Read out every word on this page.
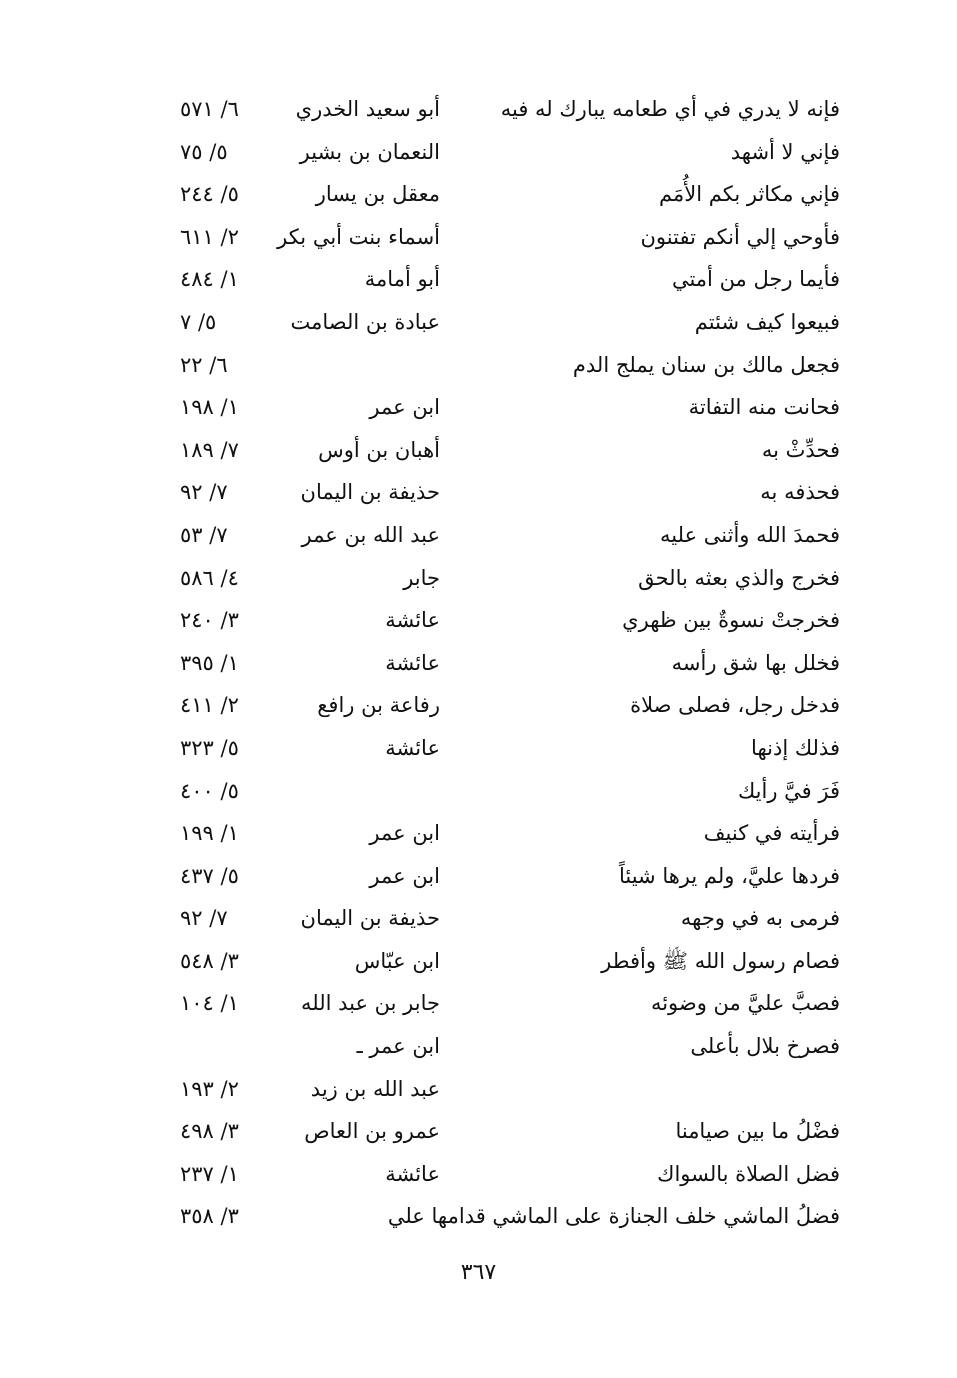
فإنه لا يدري في أي طعامه يبارك له فيه
أبو سعيد الخدري
٦/ ٥٧١
فإني لا أشهد
النعمان بن بشير
٥/ ٧٥
فإني مكاثر بكم الأُمَم
معقل بن يسار
٥/ ٢٤٤
فأوحي إلي أنكم تفتنون
أسماء بنت أبي بكر
٢/ ٦١١
فأيما رجل من أمتي
أبو أمامة
١/ ٤٨٤
فبيعوا كيف شئتم
عبادة بن الصامت
٥/ ٧
فجعل مالك بن سنان يملج الدم
٦/ ٢٢
فحانت منه التفاتة
ابن عمر
١/ ١٩٨
فحدِّثْ به
أهبان بن أوس
٧/ ١٨٩
فحذفه به
حذيفة بن اليمان
٧/ ٩٢
فحمدَ الله وأثنى عليه
عبد الله بن عمر
٧/ ٥٣
فخرج والذي بعثه بالحق
جابر
٤/ ٥٨٦
فخرجتْ نسوةٌ بين ظهري
عائشة
٣/ ٢٤٠
فخلل بها شق رأسه
عائشة
١/ ٣٩٥
فدخل رجل، فصلى صلاة
رفاعة بن رافع
٢/ ٤١١
فذلك إذنها
عائشة
٥/ ٣٢٣
فَرَ فيَّ رأيك
٥/ ٤٠٠
فرأيته في كنيف
ابن عمر
١/ ١٩٩
فردها عليَّ، ولم يرها شيئاً
ابن عمر
٥/ ٤٣٧
فرمى به في وجهه
حذيفة بن اليمان
٧/ ٩٢
فصام رسول الله ﷺ وأفطر
ابن عبّاس
٣/ ٥٤٨
فصبَّ عليَّ من وضوئه
جابر بن عبد الله
١/ ١٠٤
فصرخ بلال بأعلى
ابن عمر ـ
عبد الله بن زيد
٢/ ١٩٣
فضْلُ ما بين صيامنا
عمرو بن العاص
٣/ ٤٩٨
فضل الصلاة بالسواك
عائشة
١/ ٢٣٧
فضلُ الماشي خلف الجنازة على الماشي قدامها علي
٣/ ٣٥٨
٣٦٧
